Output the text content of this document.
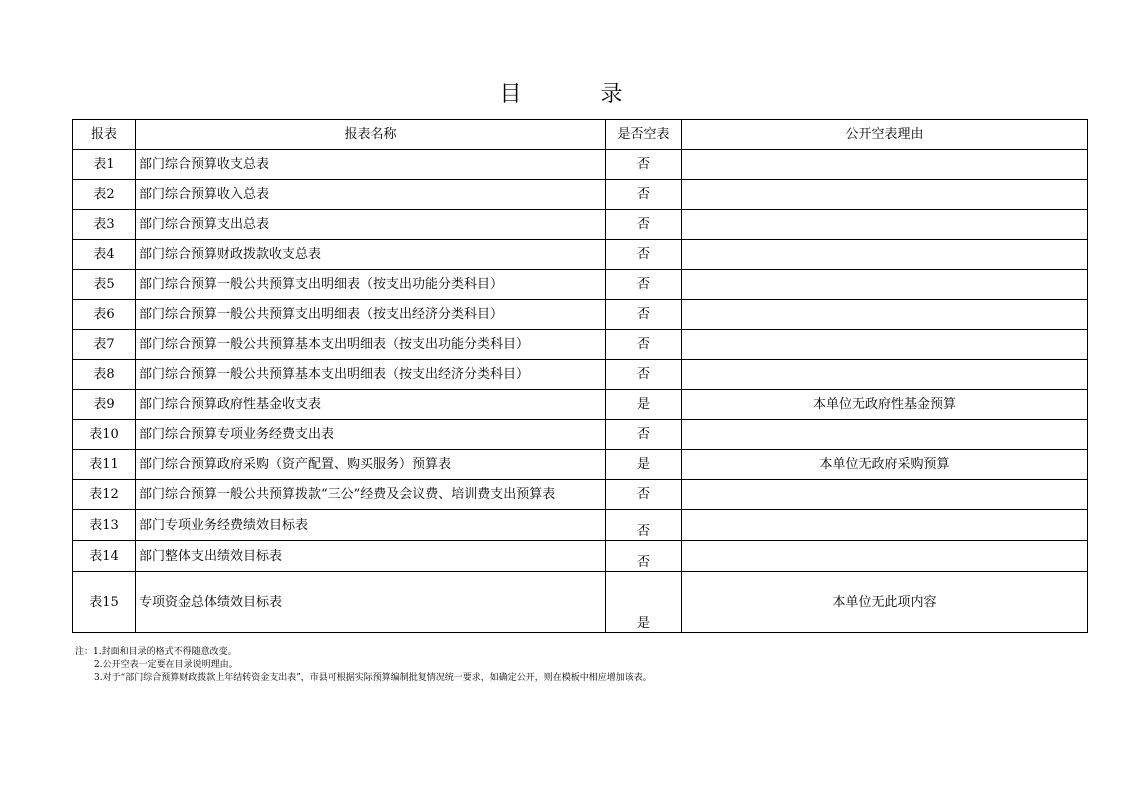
目 录
报表	报表名称	是否空表	公开空表理由
表1	部门综合预算收支总表	否	
表2	部门综合预算收入总表	否	
表3	部门综合预算支出总表	否	
表4	部门综合预算财政拨款收支总表	否	
表5	部门综合预算一般公共预算支出明细表（按支出功能分类科目）	否	
表6	部门综合预算一般公共预算支出明细表（按支出经济分类科目）	否	
表7	部门综合预算一般公共预算基本支出明细表（按支出功能分类科目）	否	
表8	部门综合预算一般公共预算基本支出明细表（按支出经济分类科目）	否	
表9	部门综合预算政府性基金收支表	是	本单位无政府性基金预算
表10	部门综合预算专项业务经费支出表	否	
表11	部门综合预算政府采购（资产配置、购买服务）预算表	是	本单位无政府采购预算
表12	部门综合预算一般公共预算拨款“三公”经费及会议费、培训费支出预算表	否	
表13	部门专项业务经费绩效目标表	否	
表14	部门整体支出绩效目标表	否	
表15	专项资金总体绩效目标表	是	本单位无此项内容
注：1.封面和目录的格式不得随意改变。
2.公开空表一定要在目录说明理由。
3.对于“部门综合预算财政拨款上年结转资金支出表”，市县可根据实际预算编制批复情况统一要求，如确定公开，则在模板中相应增加该表。
